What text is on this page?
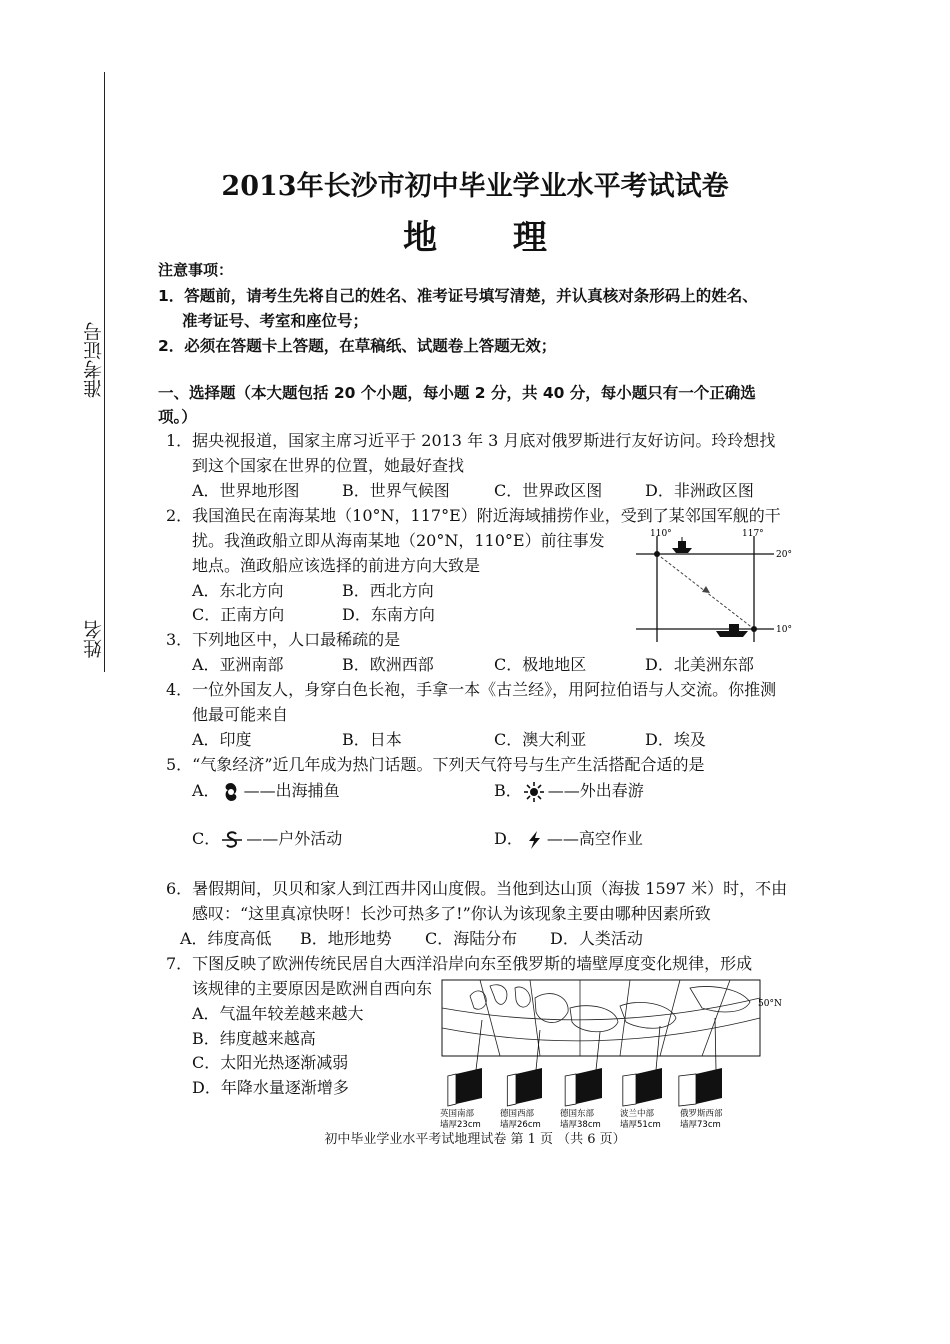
准考证号
姓名
2013年长沙市初中毕业学业水平考试试卷
地 理
注意事项：
1．答题前，请考生先将自己的姓名、准考证号填写清楚，并认真核对条形码上的姓名、
准考证号、考室和座位号；
2．必须在答题卡上答题，在草稿纸、试题卷上答题无效；
一、选择题（本大题包括 20 个小题，每小题 2 分，共 40 分，每小题只有一个正确选
项。）
1．据央视报道，国家主席习近平于 2013 年 3 月底对俄罗斯进行友好访问。玲玲想找
到这个国家在世界的位置，她最好查找
A．世界地形图	B．世界气候图	C．世界政区图	D．非洲政区图
2．我国渔民在南海某地（10°N，117°E）附近海域捕捞作业，受到了某邻国军舰的干
扰。我渔政船立即从海南某地（20°N，110°E）前往事发
地点。渔政船应该选择的前进方向大致是
A．东北方向	B．西北方向
C．正南方向	D．东南方向
110°	117°
20°
10°
3．下列地区中，人口最稀疏的是
A．亚洲南部	B．欧洲西部	C．极地地区	D．北美洲东部
4．一位外国友人，身穿白色长袍，手拿一本《古兰经》，用阿拉伯语与人交流。你推测
他最可能来自
A．印度	B．日本	C．澳大利亚	D．埃及
5．“气象经济”近几年成为热门话题。下列天气符号与生产生活搭配合适的是
A． ——出海捕鱼	B． ——外出春游
C． ——户外活动	D． ——高空作业
6．暑假期间，贝贝和家人到江西井冈山度假。当他到达山顶（海拔 1597 米）时，不由
感叹：“这里真凉快呀！长沙可热多了!”你认为该现象主要由哪种因素所致
A．纬度高低 B．地形地势 C．海陆分布 D．人类活动
7．下图反映了欧洲传统民居自大西洋沿岸向东至俄罗斯的墙壁厚度变化规律，形成
该规律的主要原因是欧洲自西向东
A．气温年较差越来越大
B．纬度越来越高
C．太阳光热逐渐减弱
D．年降水量逐渐增多
50°N
英国南部
墙厚23cm
德国西部
墙厚26cm
德国东部
墙厚38cm
波兰中部
墙厚51cm
俄罗斯西部
墙厚73cm
初中毕业学业水平考试地理试卷 第 1 页 （共 6 页）
